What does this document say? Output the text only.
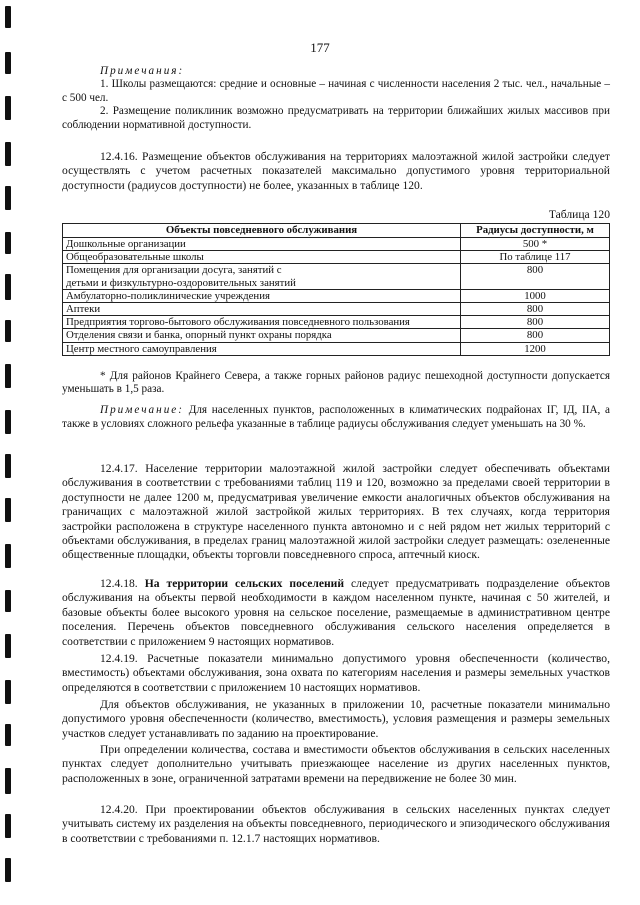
177

Примечания:

1. Школы размещаются: средние и основные – начиная с численности населения 2 тыс. чел., начальные – с 500 чел.

2. Размещение поликлиник возможно предусматривать на территории ближайших жилых массивов при соблюдении нормативной доступности.

12.4.16. Размещение объектов обслуживания на территориях малоэтажной жилой застройки следует осуществлять с учетом расчетных показателей максимально допустимого уровня территориальной доступности (радиусов доступности) не более, указанных в таблице 120.

Таблица 120
Объекты повседневного обслуживания	Радиусы доступности, м
Дошкольные организации	500 *
Общеобразовательные школы	По таблице 117
Помещения для организации досуга, занятий с детьми и физкультурно-оздоровительных занятий	800
Амбулаторно-поликлинические учреждения	1000
Аптеки	800
Предприятия торгово-бытового обслуживания повседневного пользования	800
Отделения связи и банка, опорный пункт охраны порядка	800
Центр местного самоуправления	1200

* Для районов Крайнего Севера, а также горных районов радиус пешеходной доступности допускается уменьшать в 1,5 раза.

Примечание: Для населенных пунктов, расположенных в климатических подрайонах IГ, IД, IIА, а также в условиях сложного рельефа указанные в таблице радиусы обслуживания следует уменьшать на 30 %.

12.4.17. Население территории малоэтажной жилой застройки следует обеспечивать объектами обслуживания в соответствии с требованиями таблиц 119 и 120, возможно за пределами своей территории в доступности не далее 1200 м, предусматривая увеличение емкости аналогичных объектов обслуживания на граничащих с малоэтажной жилой застройкой жилых территориях. В тех случаях, когда территория застройки расположена в структуре населенного пункта автономно и с ней рядом нет жилых территорий с объектами обслуживания, в пределах границ малоэтажной жилой застройки следует размещать: озелененные общественные площадки, объекты торговли повседневного спроса, аптечный киоск.

12.4.18. На территории сельских поселений следует предусматривать подразделение объектов обслуживания на объекты первой необходимости в каждом населенном пункте, начиная с 50 жителей, и базовые объекты более высокого уровня на сельское поселение, размещаемые в административном центре поселения. Перечень объектов повседневного обслуживания сельского населения определяется в соответствии с приложением 9 настоящих нормативов.

12.4.19. Расчетные показатели минимально допустимого уровня обеспеченности (количество, вместимость) объектами обслуживания, зона охвата по категориям населения и размеры земельных участков определяются в соответствии с приложением 10 настоящих нормативов.

Для объектов обслуживания, не указанных в приложении 10, расчетные показатели минимально допустимого уровня обеспеченности (количество, вместимость), условия размещения и размеры земельных участков следует устанавливать по заданию на проектирование.

При определении количества, состава и вместимости объектов обслуживания в сельских населенных пунктах следует дополнительно учитывать приезжающее население из других населенных пунктов, расположенных в зоне, ограниченной затратами времени на передвижение не более 30 мин.

12.4.20. При проектировании объектов обслуживания в сельских населенных пунктах следует учитывать систему их разделения на объекты повседневного, периодического и эпизодического обслуживания в соответствии с требованиями п. 12.1.7 настоящих нормативов.
